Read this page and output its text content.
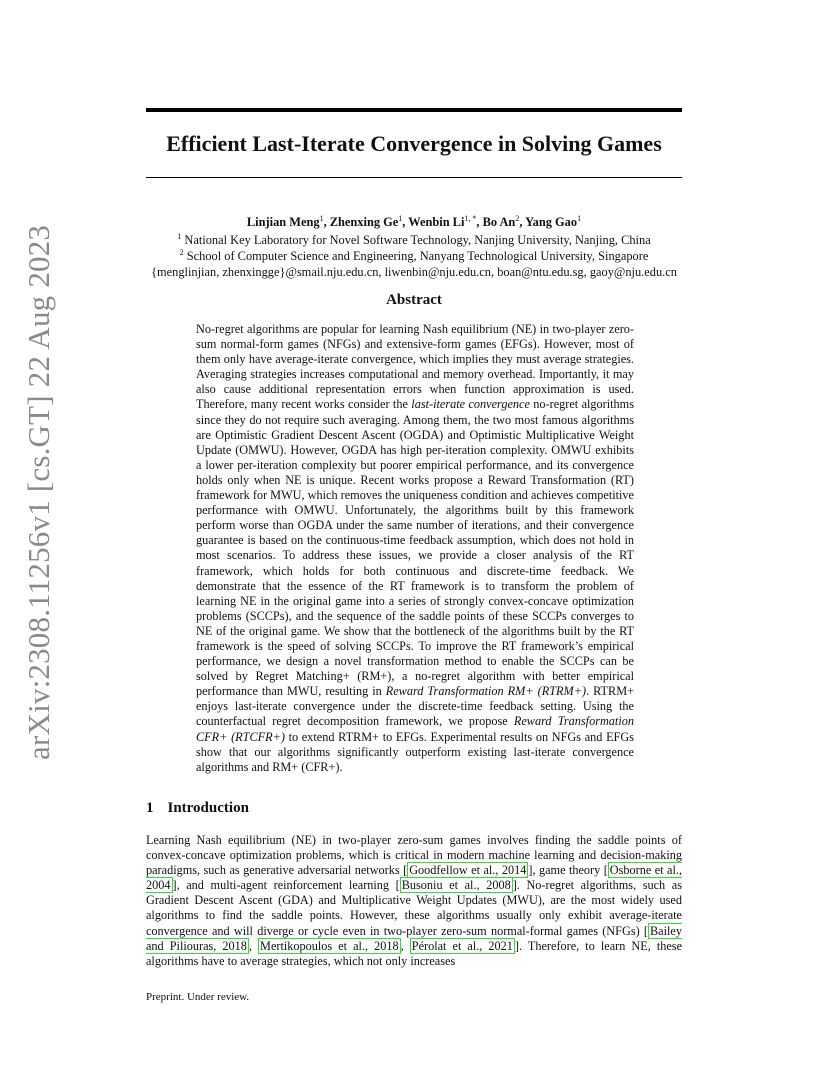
arXiv:2308.11256v1 [cs.GT] 22 Aug 2023
Efficient Last-Iterate Convergence in Solving Games
Linjian Meng$^1$, Zhenxing Ge$^1$, Wenbin $Li^{1, *}$, Bo An$^2$, Yang Gao$^1$
$^1$ National Key Laboratory for Novel Software Technology, Nanjing University, Nanjing, China
$^2$ School of Computer Science and Engineering, Nanyang Technological University, Singapore
{menglinjian, zhenxingge}@smail.nju.edu.cn, liwenbin@nju.edu.cn, boan@ntu.edu.sg, gaoy@nju.edu.cn
Abstract
No-regret algorithms are popular for learning Nash equilibrium (NE) in two-player zero-sum normal-form games (NFGs) and extensive-form games (EFGs). However, most of them only have average-iterate convergence, which implies they must average strategies. Averaging strategies increases computational and memory overhead. Importantly, it may also cause additional representation errors when function approximation is used. Therefore, many recent works consider the last-iterate convergence no-regret algorithms since they do not require such averaging. Among them, the two most famous algorithms are Optimistic Gradient Descent Ascent (OGDA) and Optimistic Multiplicative Weight Update (OMWU). However, OGDA has high per-iteration complexity. OMWU exhibits a lower per-iteration complexity but poorer empirical performance, and its convergence holds only when NE is unique. Recent works propose a Reward Transformation (RT) framework for MWU, which removes the uniqueness condition and achieves competitive performance with OMWU. Unfortunately, the algorithms built by this framework perform worse than OGDA under the same number of iterations, and their convergence guarantee is based on the continuous-time feedback assumption, which does not hold in most scenarios. To address these issues, we provide a closer analysis of the RT framework, which holds for both continuous and discrete-time feedback. We demonstrate that the essence of the RT framework is to transform the problem of learning NE in the original game into a series of strongly convex-concave optimization problems (SCCPs), and the sequence of the saddle points of these SCCPs converges to NE of the original game. We show that the bottleneck of the algorithms built by the RT framework is the speed of solving SCCPs. To improve the RT framework’s empirical performance, we design a novel transformation method to enable the SCCPs can be solved by Regret Matching+ (RM+), a no-regret algorithm with better empirical performance than MWU, resulting in Reward Transformation RM+ (RTRM+). RTRM+ enjoys last-iterate convergence under the discrete-time feedback setting. Using the counterfactual regret decomposition framework, we propose Reward Transformation CFR+ (RTCFR+) to extend RTRM+ to EFGs. Experimental results on NFGs and EFGs show that our algorithms significantly outperform existing last-iterate convergence algorithms and RM+ (CFR+).
1 Introduction
Learning Nash equilibrium (NE) in two-player zero-sum games involves finding the saddle points of convex-concave optimization problems, which is critical in modern machine learning and decision-making paradigms, such as generative adversarial networks [ Goodfellow et al., 2014 ], game theory [ Osborne et al., 2004 ], and multi-agent reinforcement learning [ Busoniu et al., 2008 ]. No-regret algorithms, such as Gradient Descent Ascent (GDA) and Multiplicative Weight Updates (MWU), are the most widely used algorithms to find the saddle points. However, these algorithms usually only exhibit average-iterate convergence and will diverge or cycle even in two-player zero-sum normal-formal games (NFGs) [ Bailey and Piliouras, 2018 , Mertikopoulos et al., 2018 , Pérolat et al., 2021 ]. Therefore, to learn NE, these algorithms have to average strategies, which not only increases
Preprint. Under review.
